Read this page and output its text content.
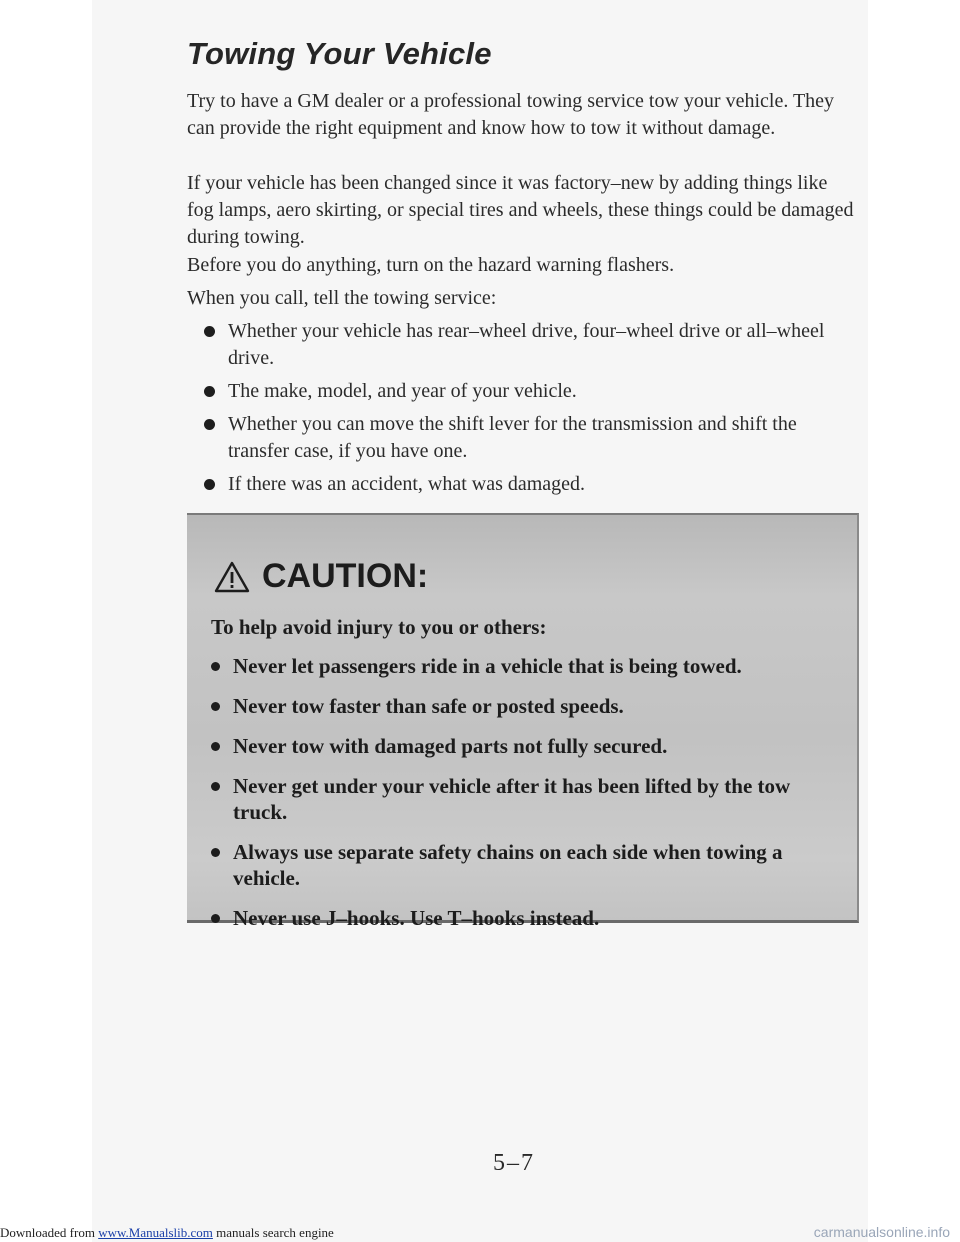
Towing Your Vehicle

Try to have a GM dealer or a professional towing service tow your vehicle. They can provide the right equipment and know how to tow it without damage.

If your vehicle has been changed since it was factory–new by adding things like fog lamps, aero skirting, or special tires and wheels, these things could be damaged during towing.

Before you do anything, turn on the hazard warning flashers.

When you call, tell the towing service:

Whether your vehicle has rear–wheel drive, four–wheel drive or all–wheel drive.
The make, model, and year of your vehicle.
Whether you can move the shift lever for the transmission and shift the transfer case, if you have one.
If there was an accident, what was damaged.
CAUTION:

To help avoid injury to you or others:

Never let passengers ride in a vehicle that is being towed.
Never tow faster than safe or posted speeds.
Never tow with damaged parts not fully secured.
Never get under your vehicle after it has been lifted by the tow truck.
Always use separate safety chains on each side when towing a vehicle.
Never use J–hooks. Use T–hooks instead.
5–7
Downloaded from www.Manualslib.com manuals search engine	carmanualsonline.info
